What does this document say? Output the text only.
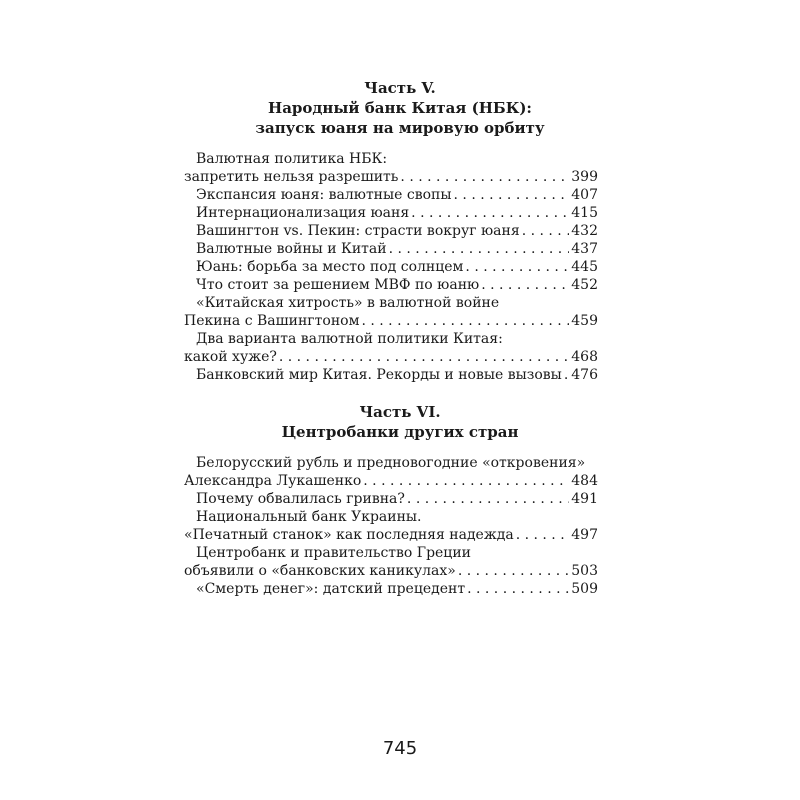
Часть V.
Народный банк Китая (НБК):
запуск юаня на мировую орбиту
Валютная политика НБК:
запретить нельзя разрешить . . .	399
Экспансия юаня: валютные свопы . . .	407
Интернационализация юаня . . .	415
Вашингтон vs. Пекин: страсти вокруг юаня . . .	432
Валютные войны и Китай . . .	437
Юань: борьба за место под солнцем . . .	445
Что стоит за решением МВФ по юаню . . .	452
«Китайская хитрость» в валютной войне
Пекина с Вашингтоном . . .	459
Два варианта валютной политики Китая:
какой хуже? . . .	468
Банковский мир Китая. Рекорды и новые вызовы . . . 476
Часть VI.
Центробанки других стран
Белорусский рубль и предновогодние «откровения»
Александра Лукашенко . . .	484
Почему обвалилась гривна? . . .	491
Национальный банк Украины.
«Печатный станок» как последняя надежда . . .	497
Центробанк и правительство Греции
объявили о «банковских каникулах» . . .	503
«Смерть денег»: датский прецедент . . .	509
745
